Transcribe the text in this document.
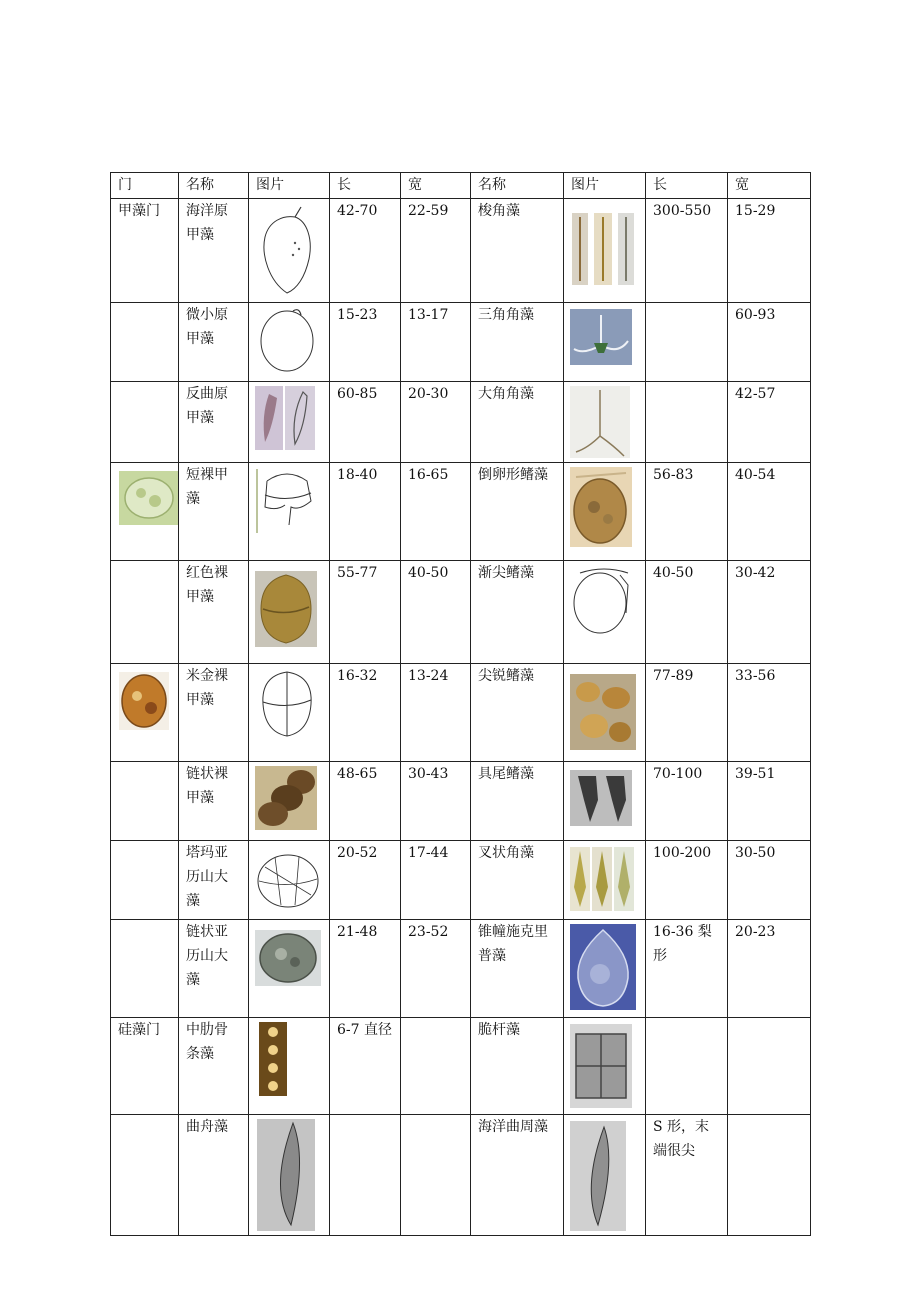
门	名称	图片	长	宽	名称	图片	长	宽
甲藻门	海洋原甲藻		42-70	22-59	梭角藻		300-550	15-29
	微小原甲藻		15-23	13-17	三角角藻			60-93
	反曲原甲藻		60-85	20-30	大角角藻			42-57

	短裸甲藻		18-40	16-65	倒卵形鳍藻		56-83	40-54
	红色裸甲藻		55-77	40-50	渐尖鳍藻		40-50	30-42

	米金裸甲藻		16-32	13-24	尖锐鳍藻		77-89	33-56
	链状裸甲藻		48-65	30-43	具尾鳍藻		70-100	39-51
	塔玛亚历山大藻		20-52	17-44	叉状角藻		100-200	30-50
	链状亚历山大藻		21-48	23-52	锥幢施克里普藻		16-36 梨形	20-23
硅藻门	中肋骨条藻		6-7 直径		脆杆藻	

	曲舟藻				海洋曲周藻		S 形，末端很尖	
